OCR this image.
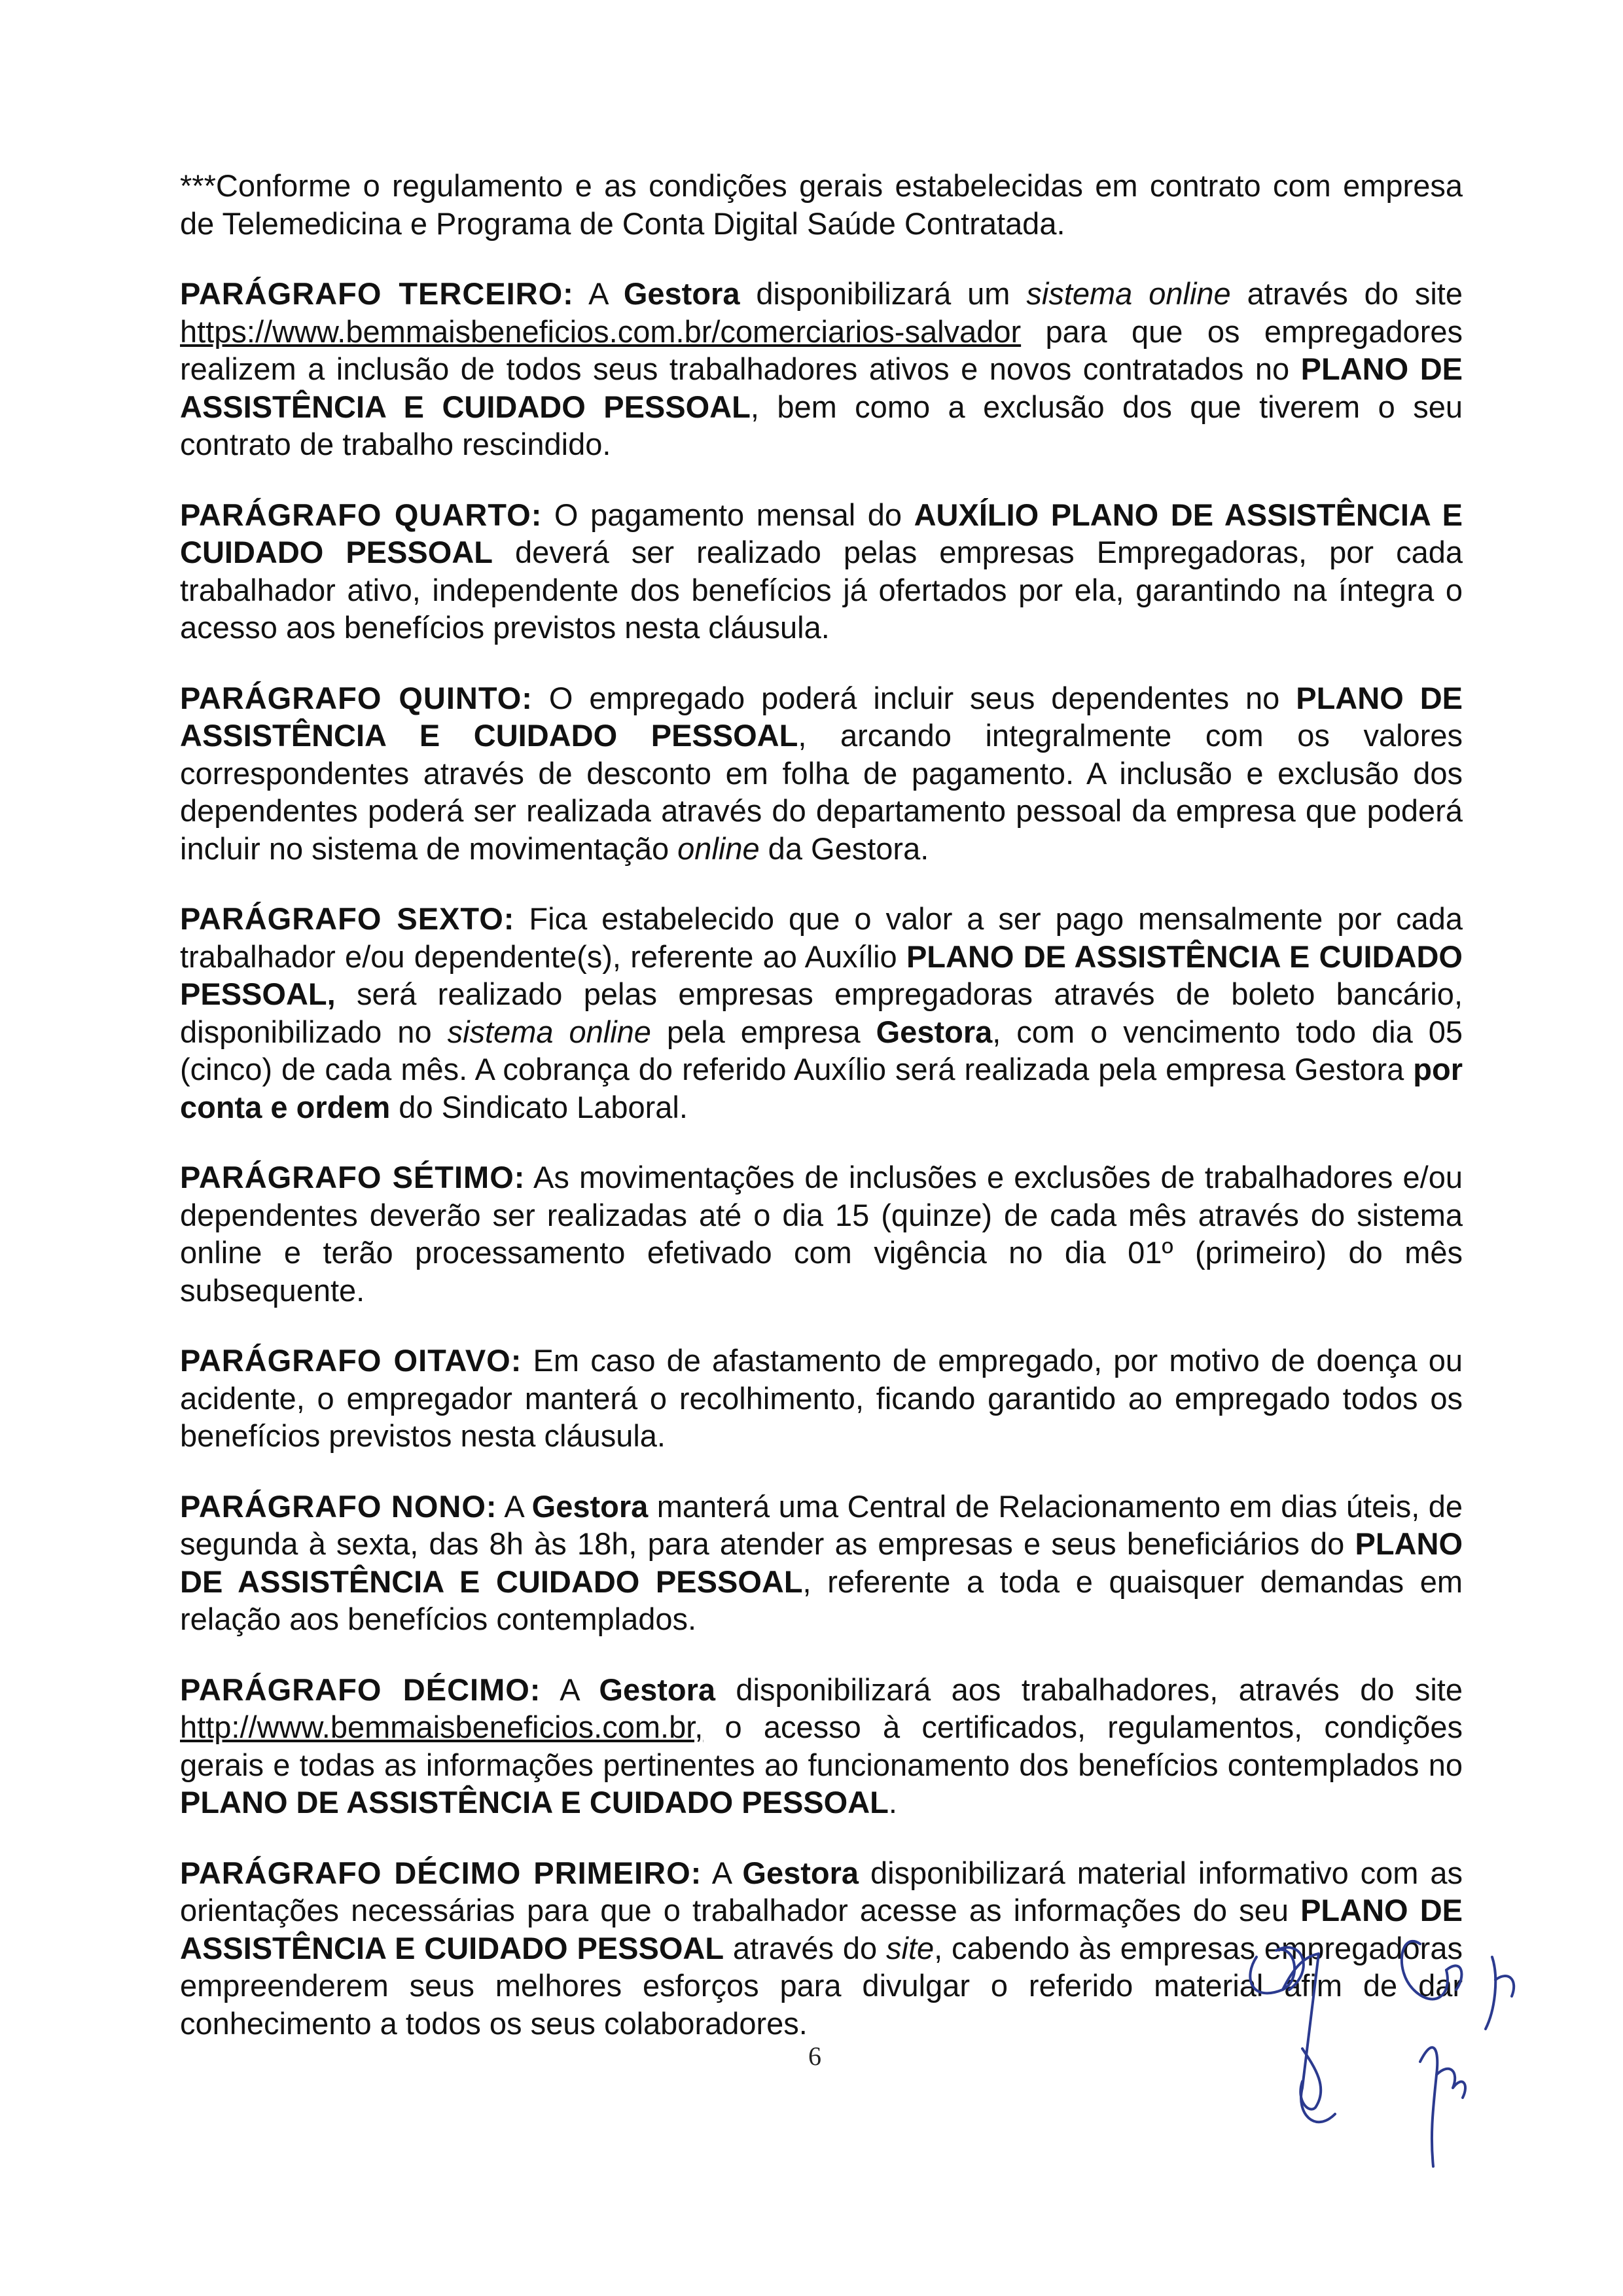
***Conforme o regulamento e as condições gerais estabelecidas em contrato com empresa de Telemedicina e Programa de Conta Digital Saúde Contratada.

PARÁGRAFO TERCEIRO: A Gestora disponibilizará um sistema online através do site https://www.bemmaisbeneficios.com.br/comerciarios-salvador para que os empregadores realizem a inclusão de todos seus trabalhadores ativos e novos contratados no PLANO DE ASSISTÊNCIA E CUIDADO PESSOAL, bem como a exclusão dos que tiverem o seu contrato de trabalho rescindido.

PARÁGRAFO QUARTO: O pagamento mensal do AUXÍLIO PLANO DE ASSISTÊNCIA E CUIDADO PESSOAL deverá ser realizado pelas empresas Empregadoras, por cada trabalhador ativo, independente dos benefícios já ofertados por ela, garantindo na íntegra o acesso aos benefícios previstos nesta cláusula.

PARÁGRAFO QUINTO: O empregado poderá incluir seus dependentes no PLANO DE ASSISTÊNCIA E CUIDADO PESSOAL, arcando integralmente com os valores correspondentes através de desconto em folha de pagamento. A inclusão e exclusão dos dependentes poderá ser realizada através do departamento pessoal da empresa que poderá incluir no sistema de movimentação online da Gestora.

PARÁGRAFO SEXTO: Fica estabelecido que o valor a ser pago mensalmente por cada trabalhador e/ou dependente(s), referente ao Auxílio PLANO DE ASSISTÊNCIA E CUIDADO PESSOAL, será realizado pelas empresas empregadoras através de boleto bancário, disponibilizado no sistema online pela empresa Gestora, com o vencimento todo dia 05 (cinco) de cada mês. A cobrança do referido Auxílio será realizada pela empresa Gestora por conta e ordem do Sindicato Laboral.

PARÁGRAFO SÉTIMO: As movimentações de inclusões e exclusões de trabalhadores e/ou dependentes deverão ser realizadas até o dia 15 (quinze) de cada mês através do sistema online e terão processamento efetivado com vigência no dia 01º (primeiro) do mês subsequente.

PARÁGRAFO OITAVO: Em caso de afastamento de empregado, por motivo de doença ou acidente, o empregador manterá o recolhimento, ficando garantido ao empregado todos os benefícios previstos nesta cláusula.

PARÁGRAFO NONO: A Gestora manterá uma Central de Relacionamento em dias úteis, de segunda à sexta, das 8h às 18h, para atender as empresas e seus beneficiários do PLANO DE ASSISTÊNCIA E CUIDADO PESSOAL, referente a toda e quaisquer demandas em relação aos benefícios contemplados.

PARÁGRAFO DÉCIMO: A Gestora disponibilizará aos trabalhadores, através do site http://www.bemmaisbeneficios.com.br, o acesso à certificados, regulamentos, condições gerais e todas as informações pertinentes ao funcionamento dos benefícios contemplados no PLANO DE ASSISTÊNCIA E CUIDADO PESSOAL.

PARÁGRAFO DÉCIMO PRIMEIRO: A Gestora disponibilizará material informativo com as orientações necessárias para que o trabalhador acesse as informações do seu PLANO DE ASSISTÊNCIA E CUIDADO PESSOAL através do site, cabendo às empresas empregadoras empreenderem seus melhores esforços para divulgar o referido material afim de dar conhecimento a todos os seus colaboradores.

6
